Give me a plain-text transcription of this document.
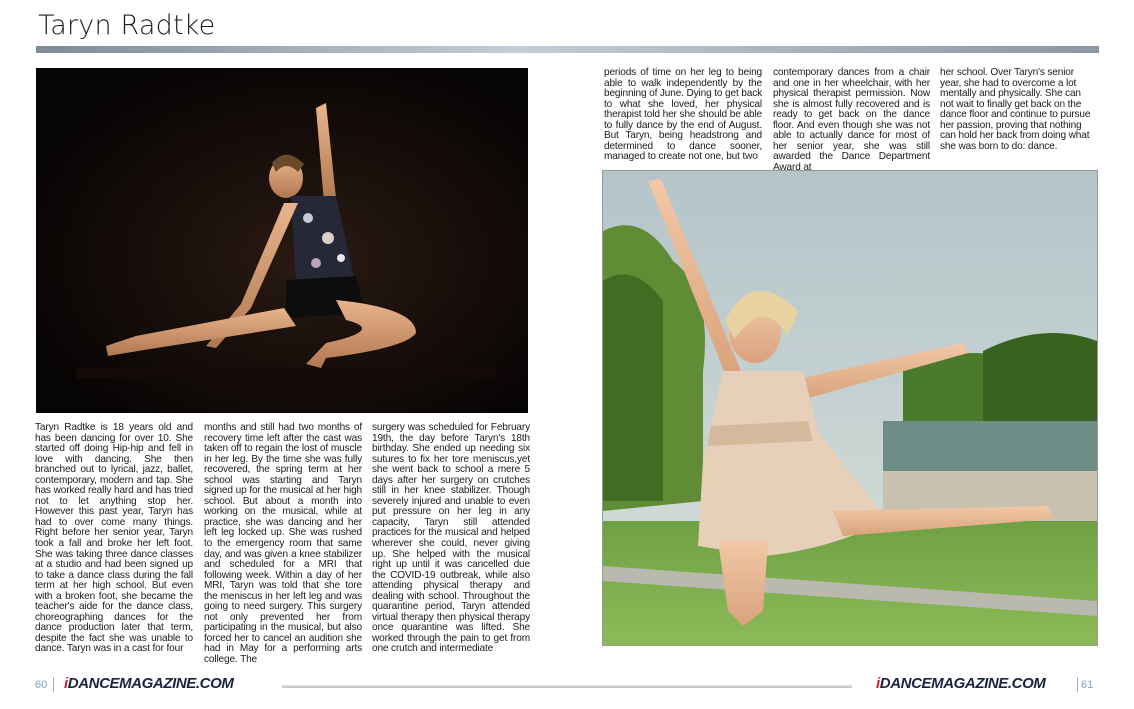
Taryn Radtke
Taryn Radtke is 18 years old and has been dancing for over 10. She started off doing Hip-hip and fell in love with dancing. She then branched out to lyrical, jazz, ballet, contemporary, modern and tap. She has worked really hard and has tried not to let anything stop her. However this past year, Taryn has had to over come many things. Right before her senior year, Taryn took a fall and broke her left foot. She was taking three dance classes at a studio and had been signed up to take a dance class during the fall term at her high school. But even with a broken foot, she became the teacher's aide for the dance class, choreographing dances for the dance production later that term, despite the fact she was unable to dance. Taryn was in a cast for four
months and still had two months of recovery time left after the cast was taken off to regain the lost of muscle in her leg. By the time she was fully recovered, the spring term at her school was starting and Taryn signed up for the musical at her high school. But about a month into working on the musical, while at practice, she was dancing and her left leg locked up. She was rushed to the emergency room that same day, and was given a knee stabilizer and scheduled for a MRI that following week. Within a day of her MRI, Taryn was told that she tore the meniscus in her left leg and was going to need surgery. This surgery not only prevented her from participating in the musical, but also forced her to cancel an audition she had in May for a performing arts college. The
surgery was scheduled for February 19th, the day before Taryn's 18th birthday. She ended up needing six sutures to fix her tore meniscus,yet she went back to school a mere 5 days after her surgery on crutches still in her knee stabilizer. Though severely injured and unable to even put pressure on her leg in any capacity, Taryn still attended practices for the musical and helped wherever she could, never giving up. She helped with the musical right up until it was cancelled due the COVID-19 outbreak, while also attending physical therapy and dealing with school. Throughout the quarantine period, Taryn attended virtual therapy then physical therapy once quarantine was lifted. She worked through the pain to get from one crutch and intermediate
periods of time on her leg to being able to walk independently by the beginning of June. Dying to get back to what she loved, her physical therapist told her she should be able to fully dance by the end of August. But Taryn, being headstrong and determined to dance sooner, managed to create not one, but two
contemporary dances from a chair and one in her wheelchair, with her physical therapist permission. Now she is almost fully recovered and is ready to get back on the dance floor. And even though she was not able to actually dance for most of her senior year, she was still awarded the Dance Department Award at
her school. Over Taryn's senior year, she had to overcome a lot mentally and physically. She can not wait to finally get back on the dance floor and continue to pursue her passion, proving that nothing can hold her back from doing what she was born to do: dance.
60 iDANCEMAGAZINE.COM	iDANCEMAGAZINE.COM	61
